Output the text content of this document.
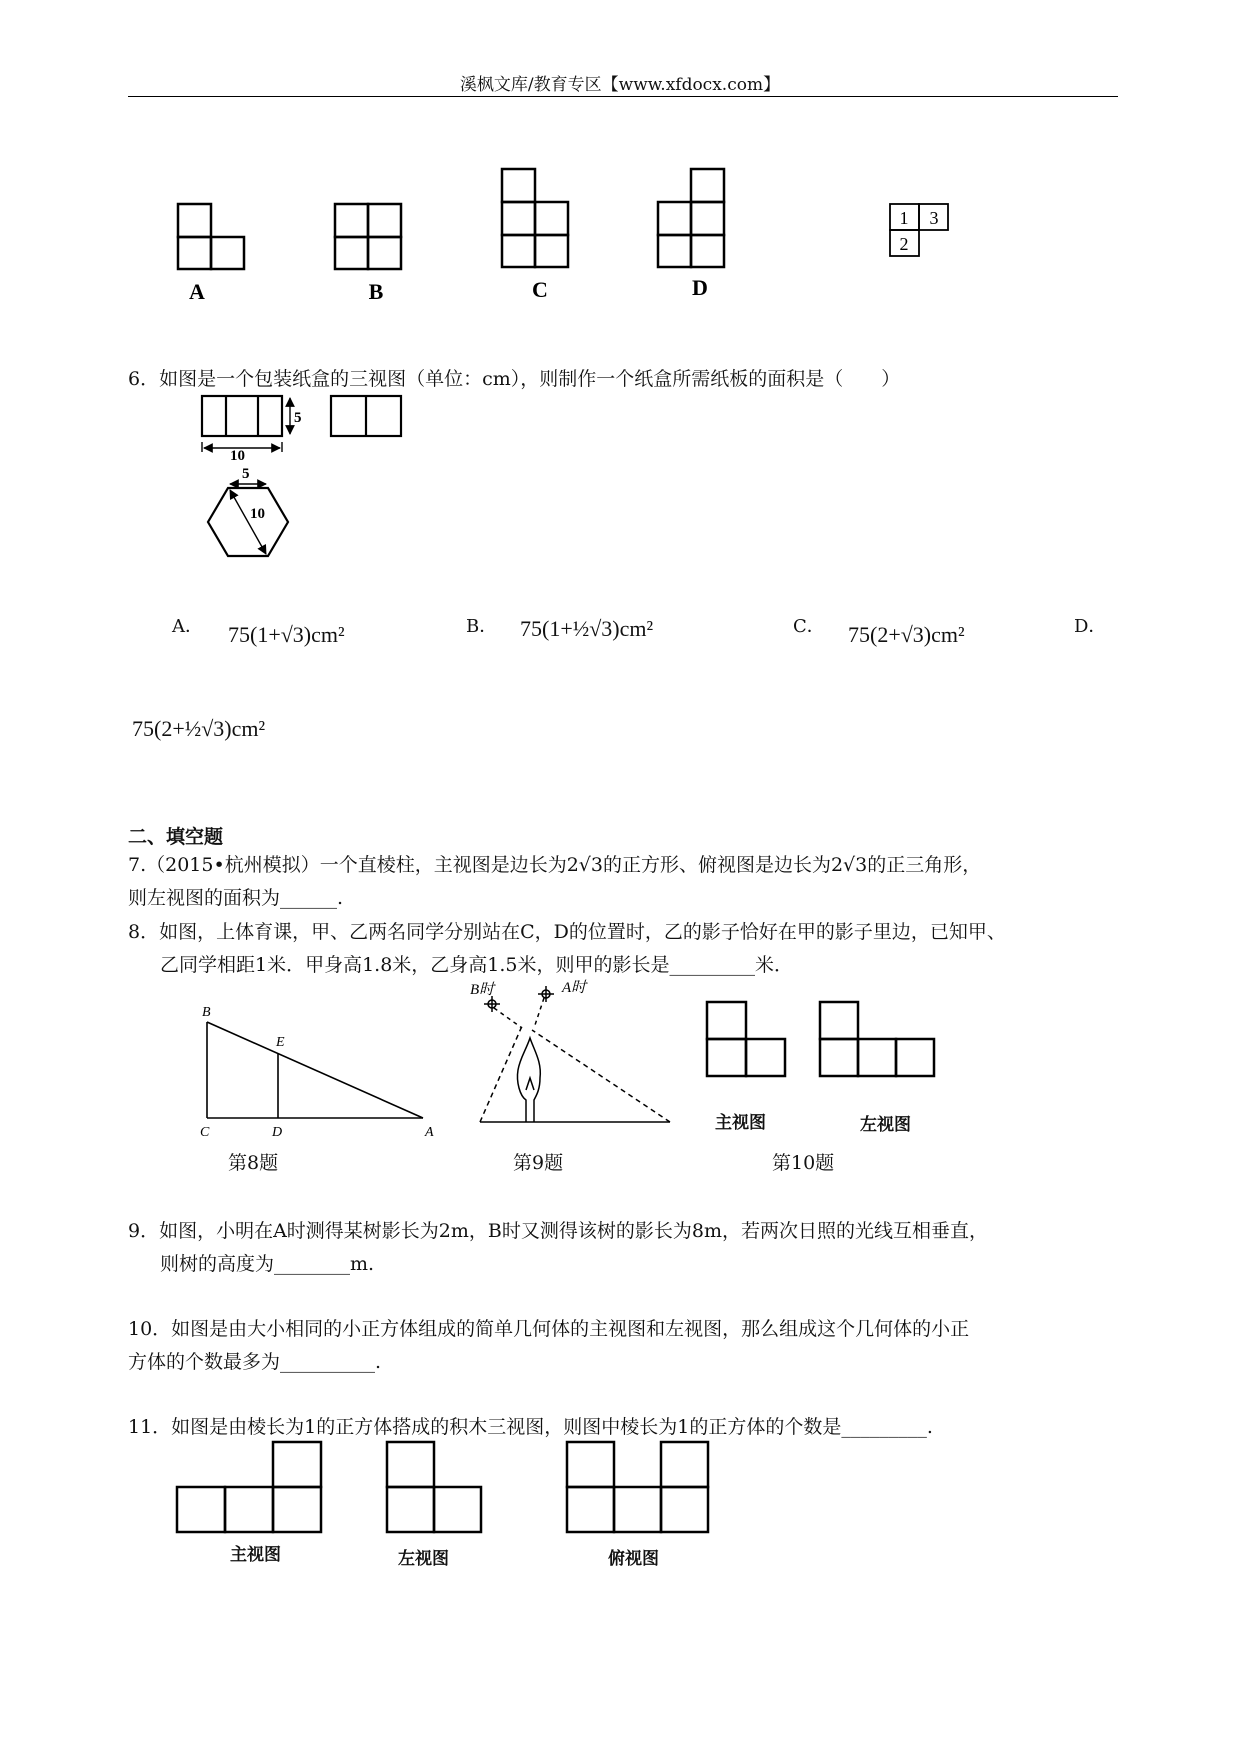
溪枫文库/教育专区【www.xfdocx.com】
A	B	C	D
1 3
2
6．如图是一个包装纸盒的三视图（单位：cm），则制作一个纸盒所需纸板的面积是（　　）
5
10
5
10
A． 75(1+√3)cm²	B． 75(1+½√3)cm²	C． 75(2+√3)cm²	D．
75(2+½√3)cm²
二、填空题
7.（2015•杭州模拟）一个直棱柱，主视图是边长为2√3的正方形、俯视图是边长为2√3的正三角形，
则左视图的面积为______.
8．如图，上体育课，甲、乙两名同学分别站在C，D的位置时，乙的影子恰好在甲的影子里边，已知甲、
乙同学相距1米．甲身高1.8米，乙身高1.5米，则甲的影长是_________米．
B
E
C	D	A
第8题
B时	A时
第9题
主视图	左视图
第10题
9．如图，小明在A时测得某树影长为2m，B时又测得该树的影长为8m，若两次日照的光线互相垂直，
则树的高度为________m.
10．如图是由大小相同的小正方体组成的简单几何体的主视图和左视图，那么组成这个几何体的小正
方体的个数最多为__________.
11．如图是由棱长为1的正方体搭成的积木三视图，则图中棱长为1的正方体的个数是_________.
主视图	左视图	俯视图
